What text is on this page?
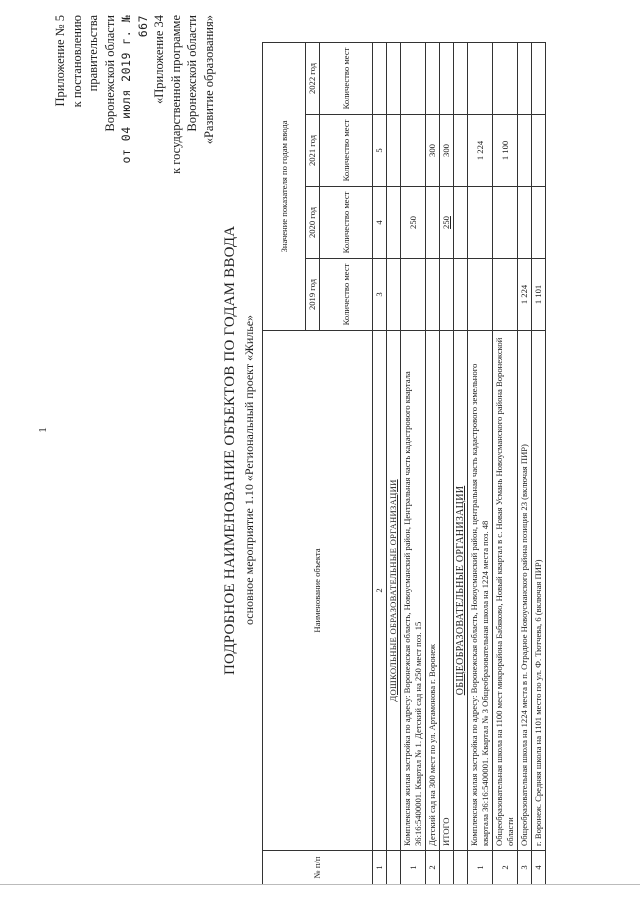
1
Приложение № 5 к постановлению правительства Воронежской области от 04 июля 2019 г. № 667 «Приложение 34 к государственной программе Воронежской области «Развитие образования»
ПОДРОБНОЕ НАИМЕНОВАНИЕ ОБЪЕКТОВ ПО ГОДАМ ВВОДА основное мероприятие 1.10 «Региональный проект «Жилье»
№ п/п	Наименование объекта	Значение показателя по годам ввода			
		2019 год	2020 год	2021 год	2022 год
		Количество мест	Количество мест	Количество мест	Количество мест
1	2	3	4	5	
	ДОШКОЛЬНЫЕ ОБРАЗОВАТЕЛЬНЫЕ ОРГАНИЗАЦИИ				
1	Комплексная жилая застройка по адресу: Воронежская область, Новоусманский район, Центральная часть кадастрового квартала 36:16:5400001. Квартал № 1. Детский сад на 250 мест поз. 15		250		
2	Детский сад на 300 мест по ул. Артамонова г. Воронеж			300	
	ИТОГО		250	300	
	ОБЩЕОБРАЗОВАТЕЛЬНЫЕ ОРГАНИЗАЦИИ				
1	Комплексная жилая застройка по адресу: Воронежская область, Новоусманский район, центральная часть кадастрового земельного квартала 36:16:5400001. Квартал № 3 Общеобразовательная школа на 1224 места поз. 48			1 224	
2	Общеобразовательная школа на 1100 мест микрорайона Бабяково, Новый квартал в с. Новая Усмань Новоусманского района Воронежской области			1 100	
3	Общеобразовательная школа на 1224 места в п. Отрадное Новоусманского района позиция 23 (включая ПИР)	1 224			
4	г. Воронеж. Средняя школа на 1101 место по ул. Ф. Тютчева, 6 (включая ПИР)	1 101			
